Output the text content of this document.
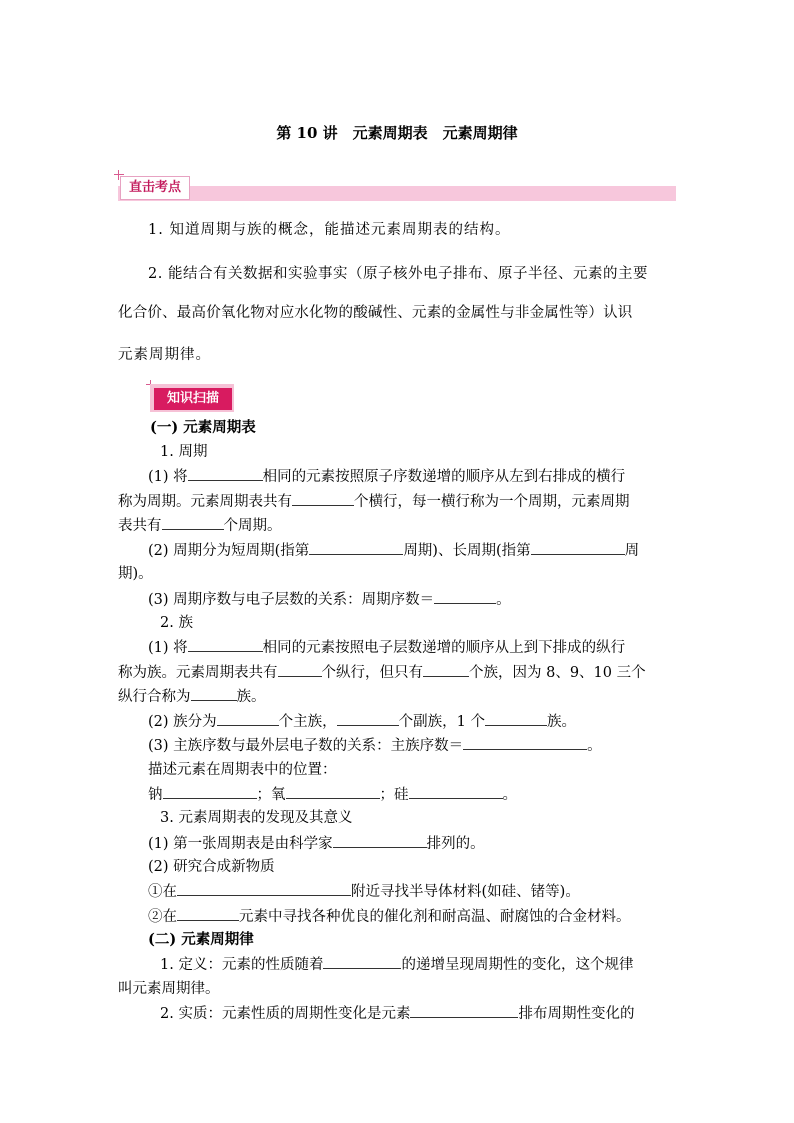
第 10 讲　元素周期表　元素周期律
直击考点
1. 知道周期与族的概念，能描述元素周期表的结构。
2. 能结合有关数据和实验事实（原子核外电子排布、原子半径、元素的主要
化合价、最高价氧化物对应水化物的酸碱性、元素的金属性与非金属性等）认识
元素周期律。
知识扫描
(一) 元素周期表
1. 周期
(1) 将	相同的元素按照原子序数递增的顺序从左到右排成的横行
称为周期。元素周期表共有	个横行，每一横行称为一个周期，元素周期
表共有	个周期。
(2) 周期分为短周期(指第	周期)、长周期(指第	周
期)。
(3) 周期序数与电子层数的关系：周期序数＝	。
2. 族
(1) 将	相同的元素按照电子层数递增的顺序从上到下排成的纵行
称为族。元素周期表共有	个纵行，但只有	个族，因为 8、9、10 三个
纵行合称为	族。
(2) 族分为	个主族，	个副族，1 个	族。
(3) 主族序数与最外层电子数的关系：主族序数＝	。
描述元素在周期表中的位置：
钠	；氧	；硅	。
3. 元素周期表的发现及其意义
(1) 第一张周期表是由科学家	排列的。
(2) 研究合成新物质
①在	附近寻找半导体材料(如硅、锗等)。
②在	元素中寻找各种优良的催化剂和耐高温、耐腐蚀的合金材料。
(二) 元素周期律
1. 定义：元素的性质随着	的递增呈现周期性的变化，这个规律
叫元素周期律。
2. 实质：元素性质的周期性变化是元素	排布周期性变化的
